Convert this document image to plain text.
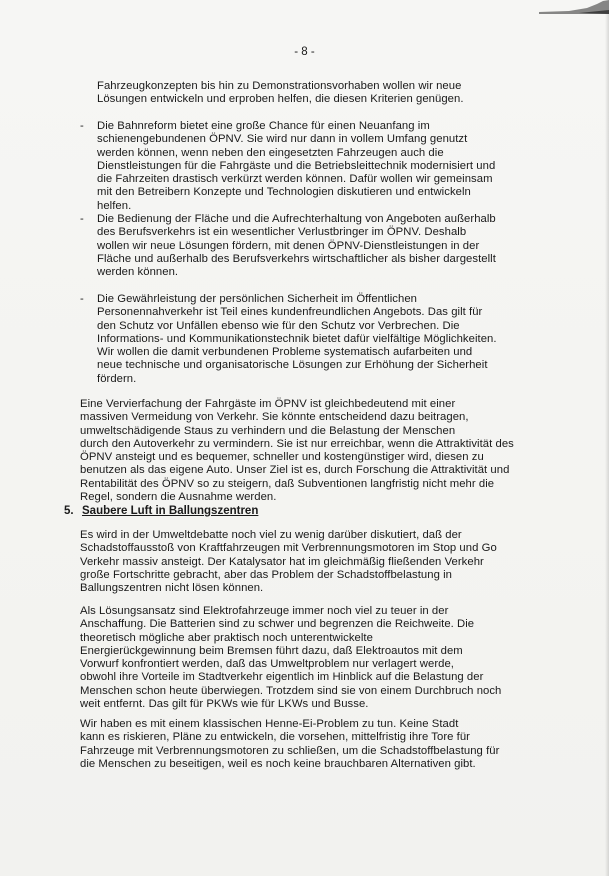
- 8 -
Fahrzeugkonzepten bis hin zu Demonstrationsvorhaben wollen wir neue
Lösungen entwickeln und erproben helfen, die diesen Kriterien genügen.
-	Die Bahnreform bietet eine große Chance für einen Neuanfang im
schienengebundenen ÖPNV. Sie wird nur dann in vollem Umfang genutzt
werden können, wenn neben den eingesetzten Fahrzeugen auch die
Dienstleistungen für die Fahrgäste und die Betriebsleittechnik modernisiert und
die Fahrzeiten drastisch verkürzt werden können. Dafür wollen wir gemeinsam
mit den Betreibern Konzepte und Technologien diskutieren und entwickeln
helfen.
-	Die Bedienung der Fläche und die Aufrechterhaltung von Angeboten außerhalb
des Berufsverkehrs ist ein wesentlicher Verlustbringer im ÖPNV. Deshalb
wollen wir neue Lösungen fördern, mit denen ÖPNV-Dienstleistungen in der
Fläche und außerhalb des Berufsverkehrs wirtschaftlicher als bisher dargestellt
werden können.
-	Die Gewährleistung der persönlichen Sicherheit im Öffentlichen
Personennahverkehr ist Teil eines kundenfreundlichen Angebots. Das gilt für
den Schutz vor Unfällen ebenso wie für den Schutz vor Verbrechen. Die
Informations- und Kommunikationstechnik bietet dafür vielfältige Möglichkeiten.
Wir wollen die damit verbundenen Probleme systematisch aufarbeiten und
neue technische und organisatorische Lösungen zur Erhöhung der Sicherheit
fördern.
Eine Vervierfachung der Fahrgäste im ÖPNV ist gleichbedeutend mit einer
massiven Vermeidung von Verkehr. Sie könnte entscheidend dazu beitragen,
umweltschädigende Staus zu verhindern und die Belastung der Menschen
durch den Autoverkehr zu vermindern. Sie ist nur erreichbar, wenn die Attraktivität des
ÖPNV ansteigt und es bequemer, schneller und kostengünstiger wird, diesen zu
benutzen als das eigene Auto. Unser Ziel ist es, durch Forschung die Attraktivität und
Rentabilität des ÖPNV so zu steigern, daß Subventionen langfristig nicht mehr die
Regel, sondern die Ausnahme werden.
5. Saubere Luft in Ballungszentren
Es wird in der Umweltdebatte noch viel zu wenig darüber diskutiert, daß der
Schadstoffausstoß von Kraftfahrzeugen mit Verbrennungsmotoren im Stop und Go
Verkehr massiv ansteigt. Der Katalysator hat im gleichmäßig fließenden Verkehr
große Fortschritte gebracht, aber das Problem der Schadstoffbelastung in
Ballungszentren nicht lösen können.
Als Lösungsansatz sind Elektrofahrzeuge immer noch viel zu teuer in der
Anschaffung. Die Batterien sind zu schwer und begrenzen die Reichweite. Die
theoretisch mögliche aber praktisch noch unterentwickelte
Energierückgewinnung beim Bremsen führt dazu, daß Elektroautos mit dem
Vorwurf konfrontiert werden, daß das Umweltproblem nur verlagert werde,
obwohl ihre Vorteile im Stadtverkehr eigentlich im Hinblick auf die Belastung der
Menschen schon heute überwiegen. Trotzdem sind sie von einem Durchbruch noch
weit entfernt. Das gilt für PKWs wie für LKWs und Busse.
Wir haben es mit einem klassischen Henne-Ei-Problem zu tun. Keine Stadt
kann es riskieren, Pläne zu entwickeln, die vorsehen, mittelfristig ihre Tore für
Fahrzeuge mit Verbrennungsmotoren zu schließen, um die Schadstoffbelastung für
die Menschen zu beseitigen, weil es noch keine brauchbaren Alternativen gibt.
